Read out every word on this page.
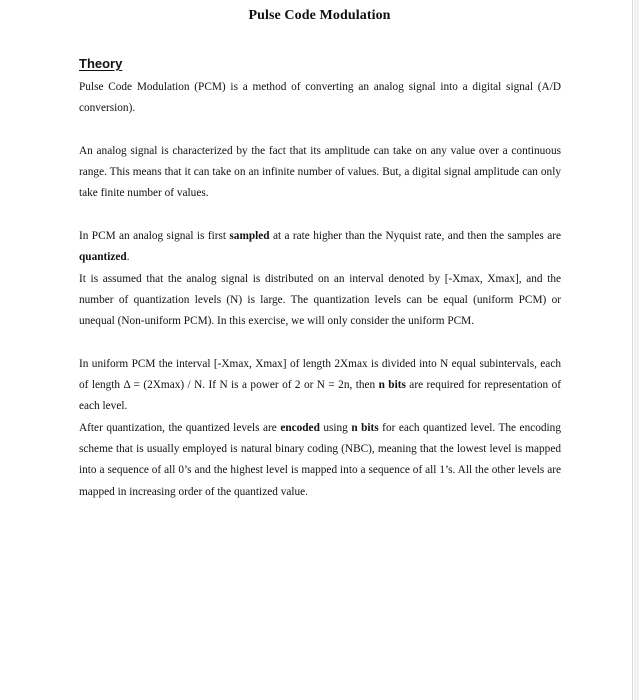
Pulse Code Modulation
Theory

Pulse Code Modulation (PCM) is a method of converting an analog signal into a digital signal (A/D conversion).

An analog signal is characterized by the fact that its amplitude can take on any value over a continuous range. This means that it can take on an infinite number of values. But, a digital signal amplitude can only take finite number of values.

In PCM an analog signal is first sampled at a rate higher than the Nyquist rate, and then the samples are quantized.

It is assumed that the analog signal is distributed on an interval denoted by [-Xmax, Xmax], and the number of quantization levels (N) is large. The quantization levels can be equal (uniform PCM) or unequal (Non-uniform PCM). In this exercise, we will only consider the uniform PCM.

In uniform PCM the interval [-Xmax, Xmax] of length 2Xmax is divided into N equal subintervals, each of length Δ = (2Xmax) / N. If N is a power of 2 or N = 2n, then n bits are required for representation of each level.

After quantization, the quantized levels are encoded using n bits for each quantized level. The encoding scheme that is usually employed is natural binary coding (NBC), meaning that the lowest level is mapped into a sequence of all 0’s and the highest level is mapped into a sequence of all 1’s. All the other levels are mapped in increasing order of the quantized value.
